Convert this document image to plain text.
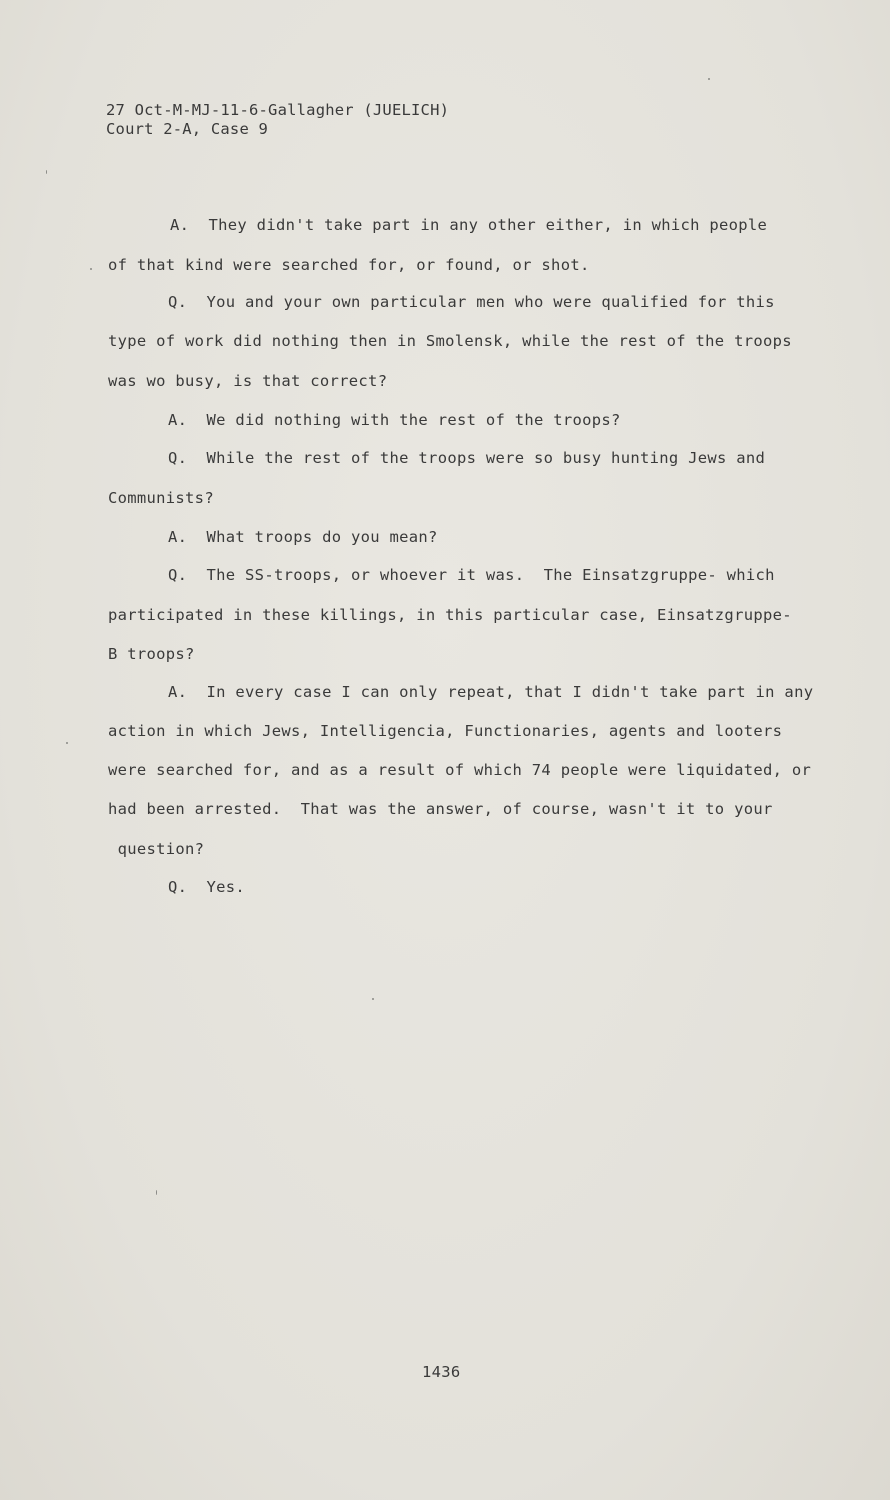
27 Oct-M-MJ-11-6-Gallagher (JUELICH)
Court 2-A, Case 9
A.  They didn't take part in any other either, in which people
of that kind were searched for, or found, or shot.
Q.  You and your own particular men who were qualified for this
type of work did nothing then in Smolensk, while the rest of the troops
was wo busy, is that correct?
A.  We did nothing with the rest of the troops?
Q.  While the rest of the troops were so busy hunting Jews and
Communists?
A.  What troops do you mean?
Q.  The SS-troops, or whoever it was.  The Einsatzgruppe- which
participated in these killings, in this particular case, Einsatzgruppe-
B troops?
A.  In every case I can only repeat, that I didn't take part in any
action in which Jews, Intelligencia, Functionaries, agents and looters
were searched for, and as a result of which 74 people were liquidated, or
had been arrested.  That was the answer, of course, wasn't it to your
question?
Q.  Yes.
1436
